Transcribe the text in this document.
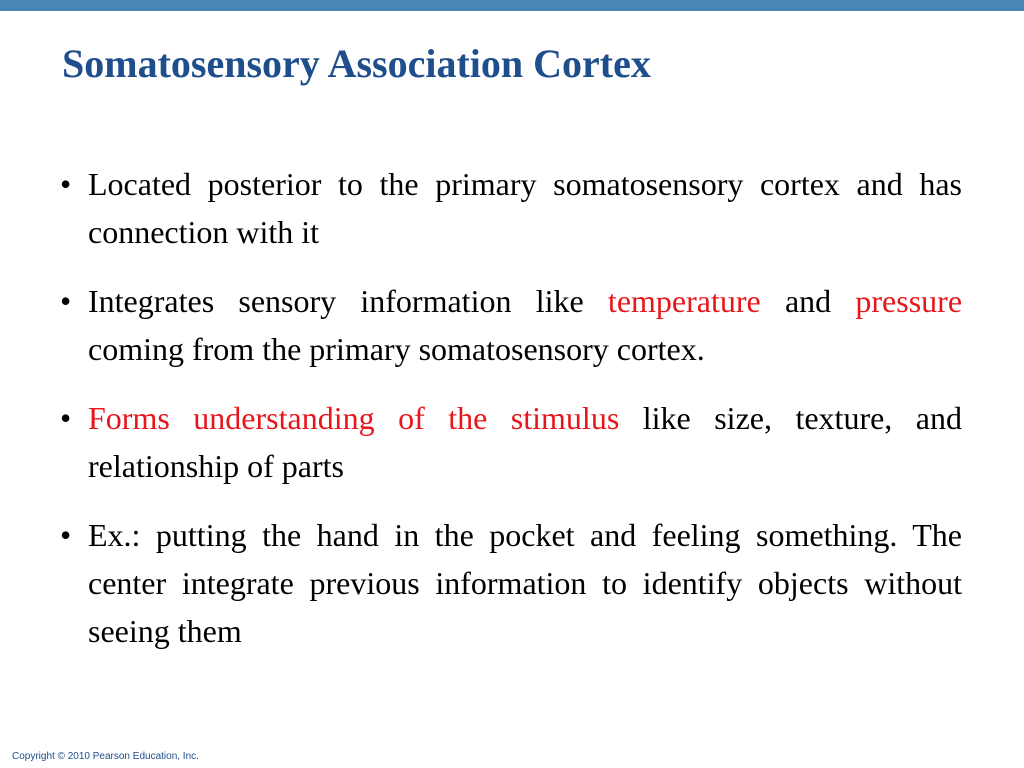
Somatosensory Association Cortex
• Located posterior to the primary somatosensory cortex and has connection with it
• Integrates sensory information like temperature and pressure coming from the primary somatosensory cortex.
• Forms understanding of the stimulus like size, texture, and relationship of parts
• Ex.: putting the hand in the pocket and feeling something. The center integrate previous information to identify objects without seeing them

Copyright © 2010 Pearson Education, Inc.
